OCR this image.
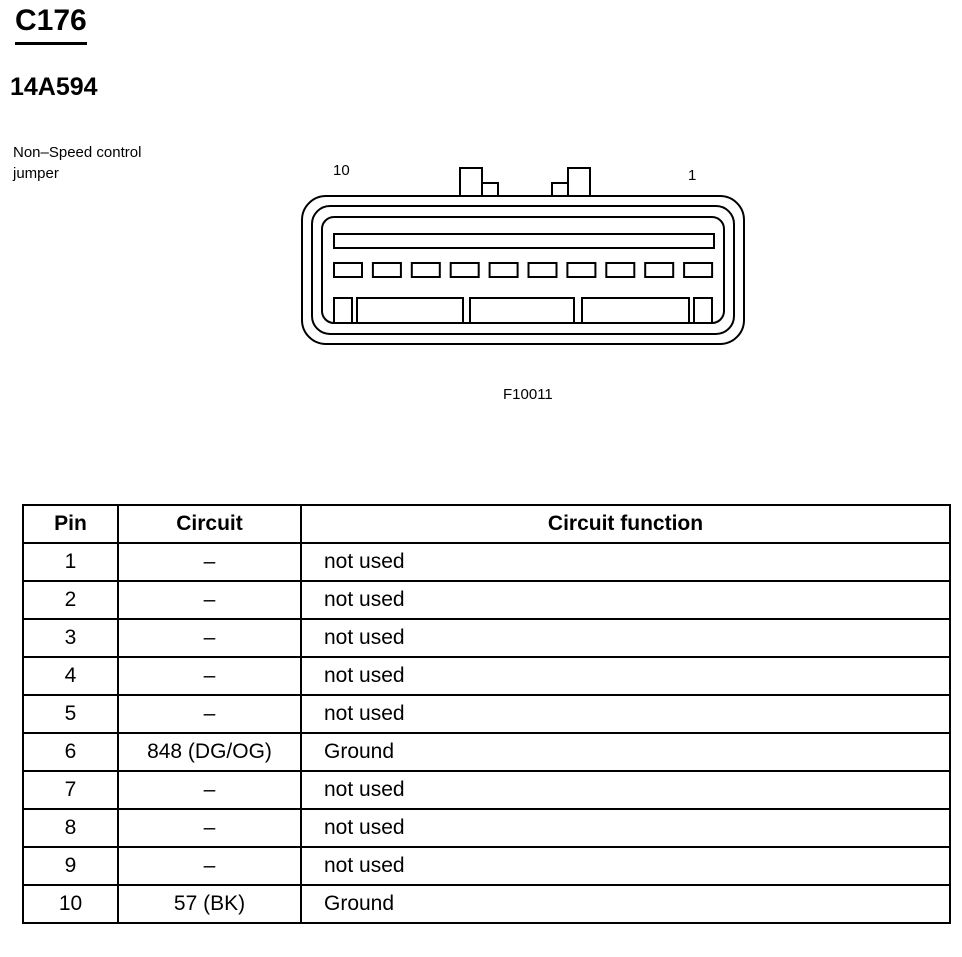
C176
14A594
Non–Speed control
jumper	10	1
F10011
Pin	Circuit	Circuit function
1	–	not used
2	–	not used
3	–	not used
4	–	not used
5	–	not used
6	848 (DG/OG)	Ground
7	–	not used
8	–	not used
9	–	not used
10	57 (BK)	Ground
